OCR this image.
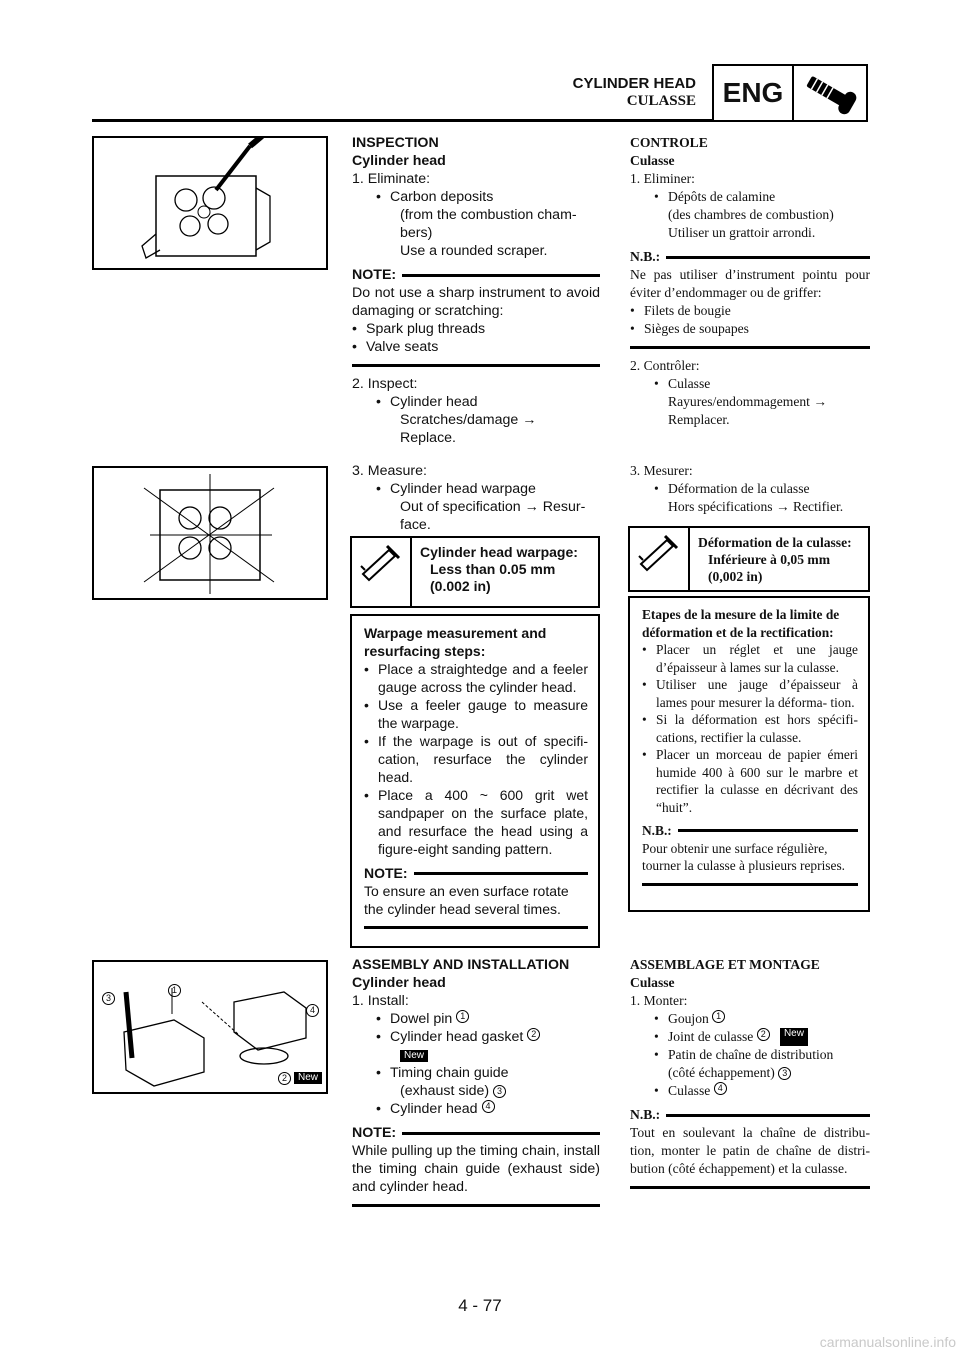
CYLINDER HEAD
CULASSE ENG
3
1
4
2	New
INSPECTION
Cylinder head
1. Eliminate:
• Carbon deposits
(from the combustion cham-
bers)
Use a rounded scraper.
NOTE:
Do not use a sharp instrument to avoid damaging or scratching:
• Spark plug threads
• Valve seats
2. Inspect:
• Cylinder head
Scratches/damage →
Replace.
CONTROLE
Culasse
1. Eliminer:
• Dépôts de calamine
(des chambres de combustion)
Utiliser un grattoir arrondi.
N.B.:
Ne pas utiliser d’instrument pointu pour éviter d’endommager ou de griffer:
• Filets de bougie
• Sièges de soupapes
2. Contrôler:
• Culasse
Rayures/endommagement →
Remplacer.
3. Measure:
• Cylinder head warpage
Out of specification → Resur-
face.
Cylinder head warpage:
Less than 0.05 mm
(0.002 in)
Warpage measurement and resurfacing steps:
• Place a straightedge and a feeler gauge across the cylinder head.
• Use a feeler gauge to measure the warpage.
• If the warpage is out of specifi- cation, resurface the cylinder head.
• Place a 400 ~ 600 grit wet sandpaper on the surface plate, and resurface the head using a figure-eight sanding pattern.
NOTE:
To ensure an even surface rotate the cylinder head several times.
3. Mesurer:
• Déformation de la culasse
Hors spécifications → Rectifier.
Déformation de la culasse:
Inférieure à 0,05 mm
(0,002 in)
Etapes de la mesure de la limite de déformation et de la rectification:
• Placer un réglet et une jauge d’épaisseur à lames sur la culasse.
• Utiliser une jauge d’épaisseur à lames pour mesurer la déforma- tion.
• Si la déformation est hors spécifi- cations, rectifier la culasse.
• Placer un morceau de papier émeri humide 400 à 600 sur le marbre et rectifier la culasse en décrivant des “huit”.
N.B.:
Pour obtenir une surface régulière, tourner la culasse à plusieurs reprises.
ASSEMBLY AND INSTALLATION
Cylinder head
1. Install:
• Dowel pin
1
• Cylinder head gasket
2
New
• Timing chain guide
(exhaust side) 3
• Cylinder head
4
NOTE:
While pulling up the timing chain, install the timing chain guide (exhaust side) and cylinder head.
ASSEMBLAGE ET MONTAGE
Culasse
1. Monter:
• Goujon
1
• Joint de culasse
2
	New
• Patin de chaîne de distribution
(côté échappement) 3
• Culasse
4
N.B.:
Tout en soulevant la chaîne de distribu- tion, monter le patin de chaîne de distri- bution (côté échappement) et la culasse.
4 - 77
carmanualsonline.info
